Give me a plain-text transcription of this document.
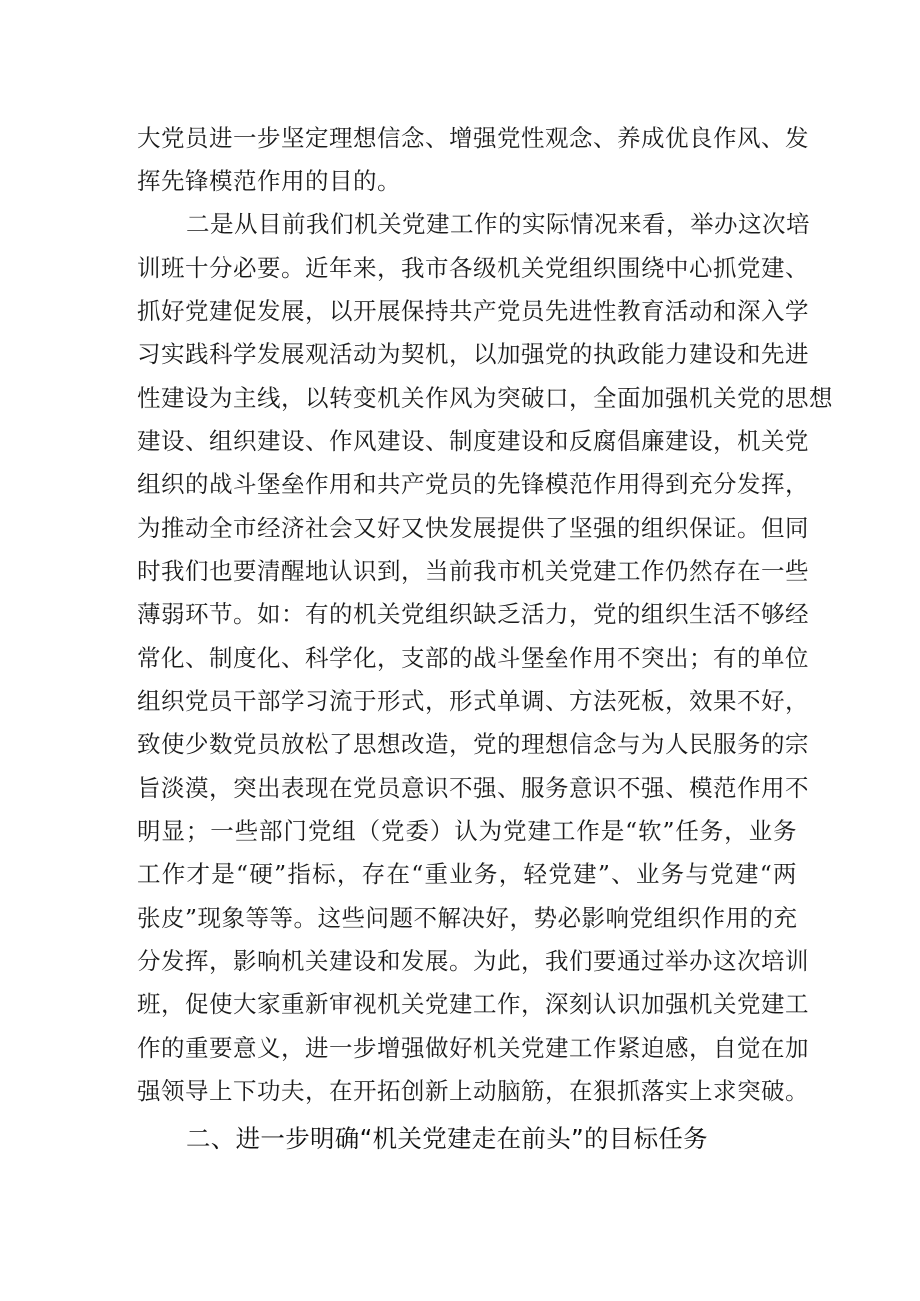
大党员进一步坚定理想信念、增强党性观念、养成优良作风、发
挥先锋模范作用的目的。
二是从目前我们机关党建工作的实际情况来看，举办这次培
训班十分必要。近年来，我市各级机关党组织围绕中心抓党建、
抓好党建促发展，以开展保持共产党员先进性教育活动和深入学
习实践科学发展观活动为契机，以加强党的执政能力建设和先进
性建设为主线，以转变机关作风为突破口，全面加强机关党的思想
建设、组织建设、作风建设、制度建设和反腐倡廉建设，机关党
组织的战斗堡垒作用和共产党员的先锋模范作用得到充分发挥，
为推动全市经济社会又好又快发展提供了坚强的组织保证。但同
时我们也要清醒地认识到，当前我市机关党建工作仍然存在一些
薄弱环节。如：有的机关党组织缺乏活力，党的组织生活不够经
常化、制度化、科学化，支部的战斗堡垒作用不突出；有的单位
组织党员干部学习流于形式，形式单调、方法死板，效果不好，
致使少数党员放松了思想改造，党的理想信念与为人民服务的宗
旨淡漠，突出表现在党员意识不强、服务意识不强、模范作用不
明显；一些部门党组（党委）认为党建工作是“软”任务，业务
工作才是“硬”指标，存在“重业务，轻党建”、业务与党建“两
张皮”现象等等。这些问题不解决好，势必影响党组织作用的充
分发挥，影响机关建设和发展。为此，我们要通过举办这次培训
班，促使大家重新审视机关党建工作，深刻认识加强机关党建工
作的重要意义，进一步增强做好机关党建工作紧迫感，自觉在加
强领导上下功夫，在开拓创新上动脑筋，在狠抓落实上求突破。
二、进一步明确“机关党建走在前头”的目标任务
